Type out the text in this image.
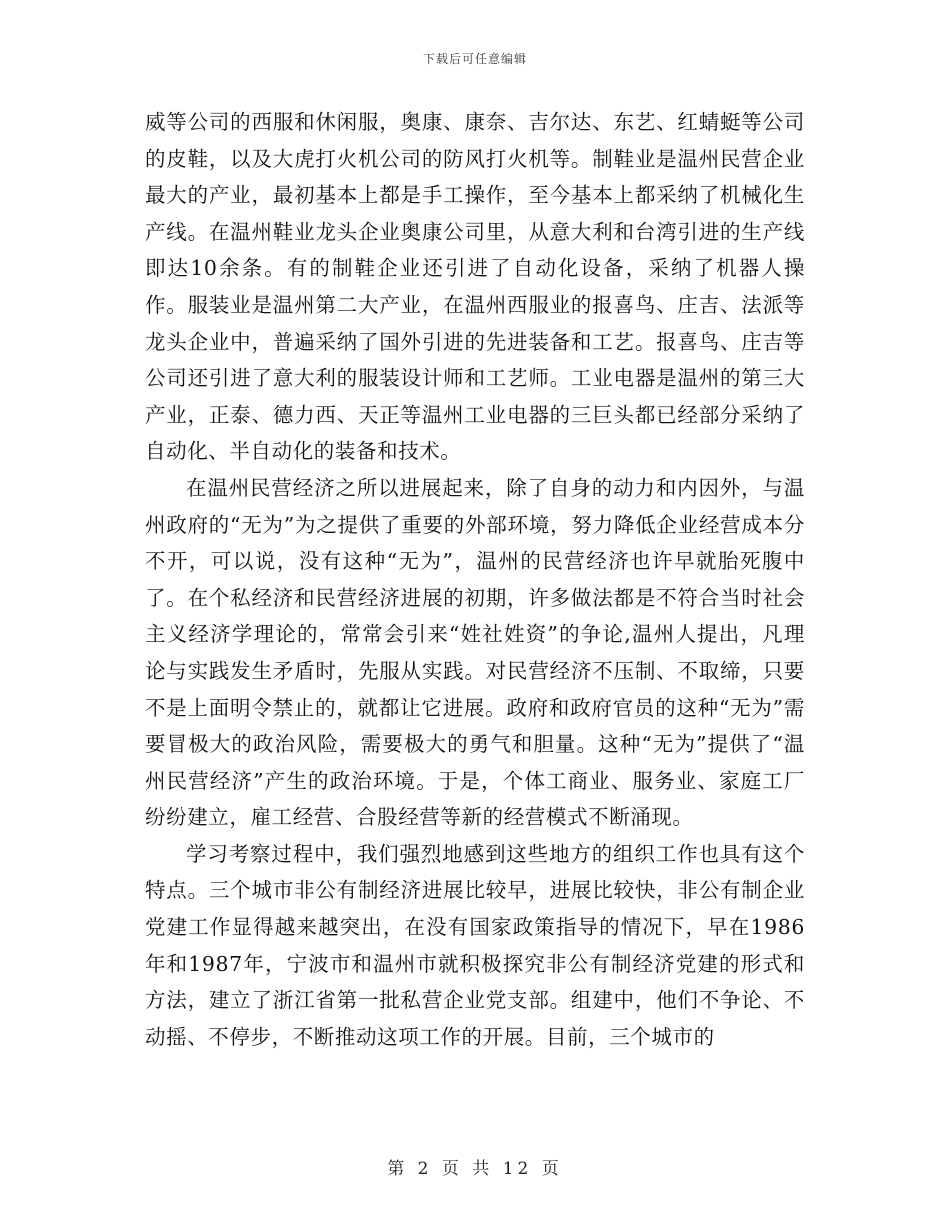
下载后可任意编辑

威等公司的西服和休闲服，奥康、康奈、吉尔达、东艺、红蜻蜓等公司的皮鞋，以及大虎打火机公司的防风打火机等。制鞋业是温州民营企业最大的产业，最初基本上都是手工操作，至今基本上都采纳了机械化生产线。在温州鞋业龙头企业奥康公司里，从意大利和台湾引进的生产线即达10余条。有的制鞋企业还引进了自动化设备，采纳了机器人操作。服装业是温州第二大产业，在温州西服业的报喜鸟、庄吉、法派等龙头企业中，普遍采纳了国外引进的先进装备和工艺。报喜鸟、庄吉等公司还引进了意大利的服装设计师和工艺师。工业电器是温州的第三大产业，正泰、德力西、天正等温州工业电器的三巨头都已经部分采纳了自动化、半自动化的装备和技术。

在温州民营经济之所以进展起来，除了自身的动力和内因外，与温州政府的“无为”为之提供了重要的外部环境，努力降低企业经营成本分不开，可以说，没有这种“无为”，温州的民营经济也许早就胎死腹中了。在个私经济和民营经济进展的初期，许多做法都是不符合当时社会主义经济学理论的，常常会引来“姓社姓资”的争论,温州人提出，凡理论与实践发生矛盾时，先服从实践。对民营经济不压制、不取缔，只要不是上面明令禁止的，就都让它进展。政府和政府官员的这种“无为”需要冒极大的政治风险，需要极大的勇气和胆量。这种“无为”提供了“温州民营经济”产生的政治环境。于是，个体工商业、服务业、家庭工厂纷纷建立，雇工经营、合股经营等新的经营模式不断涌现。

学习考察过程中，我们强烈地感到这些地方的组织工作也具有这个特点。三个城市非公有制经济进展比较早，进展比较快，非公有制企业党建工作显得越来越突出，在没有国家政策指导的情况下，早在1986年和1987年，宁波市和温州市就积极探究非公有制经济党建的形式和方法，建立了浙江省第一批私营企业党支部。组建中，他们不争论、不动摇、不停步，不断推动这项工作的开展。目前，三个城市的

第 2 页 共 12 页
